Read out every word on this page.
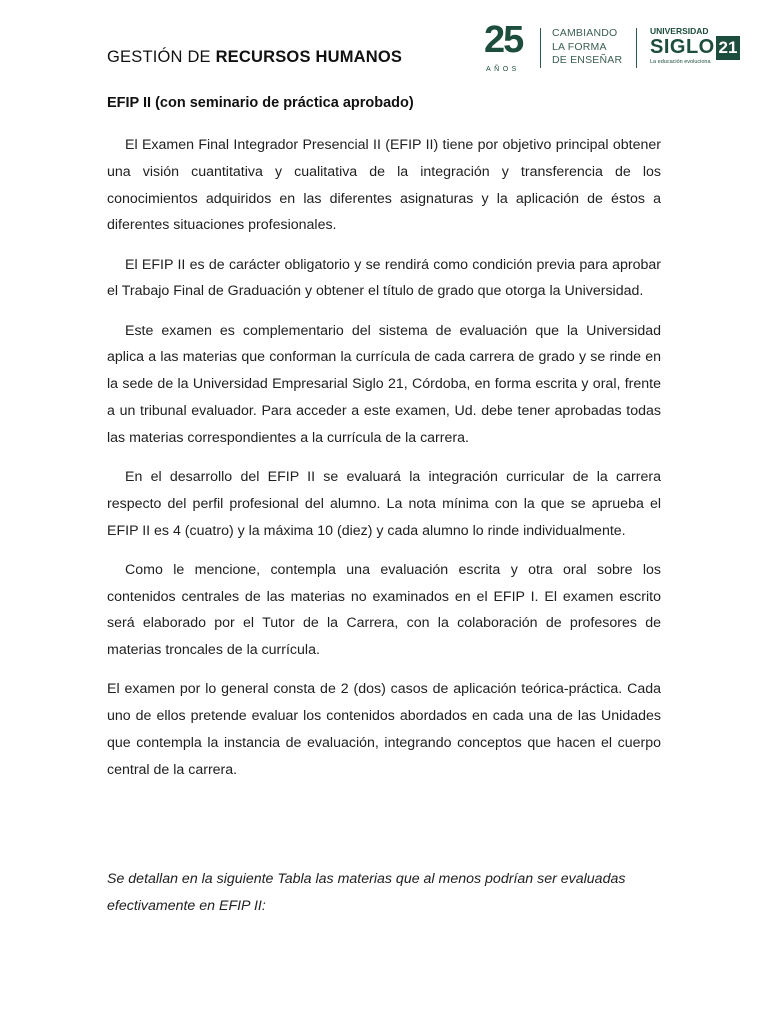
GESTIÓN DE RECURSOS HUMANOS 25
AÑOS
CAMBIANDO
LA FORMA
DE ENSEÑAR
UNIVERSIDAD
SIGLO 21
La educación evoluciona
EFIP II (con seminario de práctica aprobado)

El Examen Final Integrador Presencial II (EFIP II) tiene por objetivo principal obtener una visión cuantitativa y cualitativa de la integración y transferencia de los conocimientos adquiridos en las diferentes asignaturas y la aplicación de éstos a diferentes situaciones profesionales.

El EFIP II es de carácter obligatorio y se rendirá como condición previa para aprobar el Trabajo Final de Graduación y obtener el título de grado que otorga la Universidad.

Este examen es complementario del sistema de evaluación que la Universidad aplica a las materias que conforman la currícula de cada carrera de grado y se rinde en la sede de la Universidad Empresarial Siglo 21, Córdoba, en forma escrita y oral, frente a un tribunal evaluador. Para acceder a este examen, Ud. debe tener aprobadas todas las materias correspondientes a la currícula de la carrera.

En el desarrollo del EFIP II se evaluará la integración curricular de la carrera respecto del perfil profesional del alumno. La nota mínima con la que se aprueba el EFIP II es 4 (cuatro) y la máxima 10 (diez) y cada alumno lo rinde individualmente.

Como le mencione, contempla una evaluación escrita y otra oral sobre los contenidos centrales de las materias no examinados en el EFIP I. El examen escrito será elaborado por el Tutor de la Carrera, con la colaboración de profesores de materias troncales de la currícula.

El examen por lo general consta de 2 (dos) casos de aplicación teórica-práctica. Cada uno de ellos pretende evaluar los contenidos abordados en cada una de las Unidades que contempla la instancia de evaluación, integrando conceptos que hacen el cuerpo central de la carrera.

Se detallan en la siguiente Tabla las materias que al menos podrían ser evaluadas efectivamente en EFIP II:
